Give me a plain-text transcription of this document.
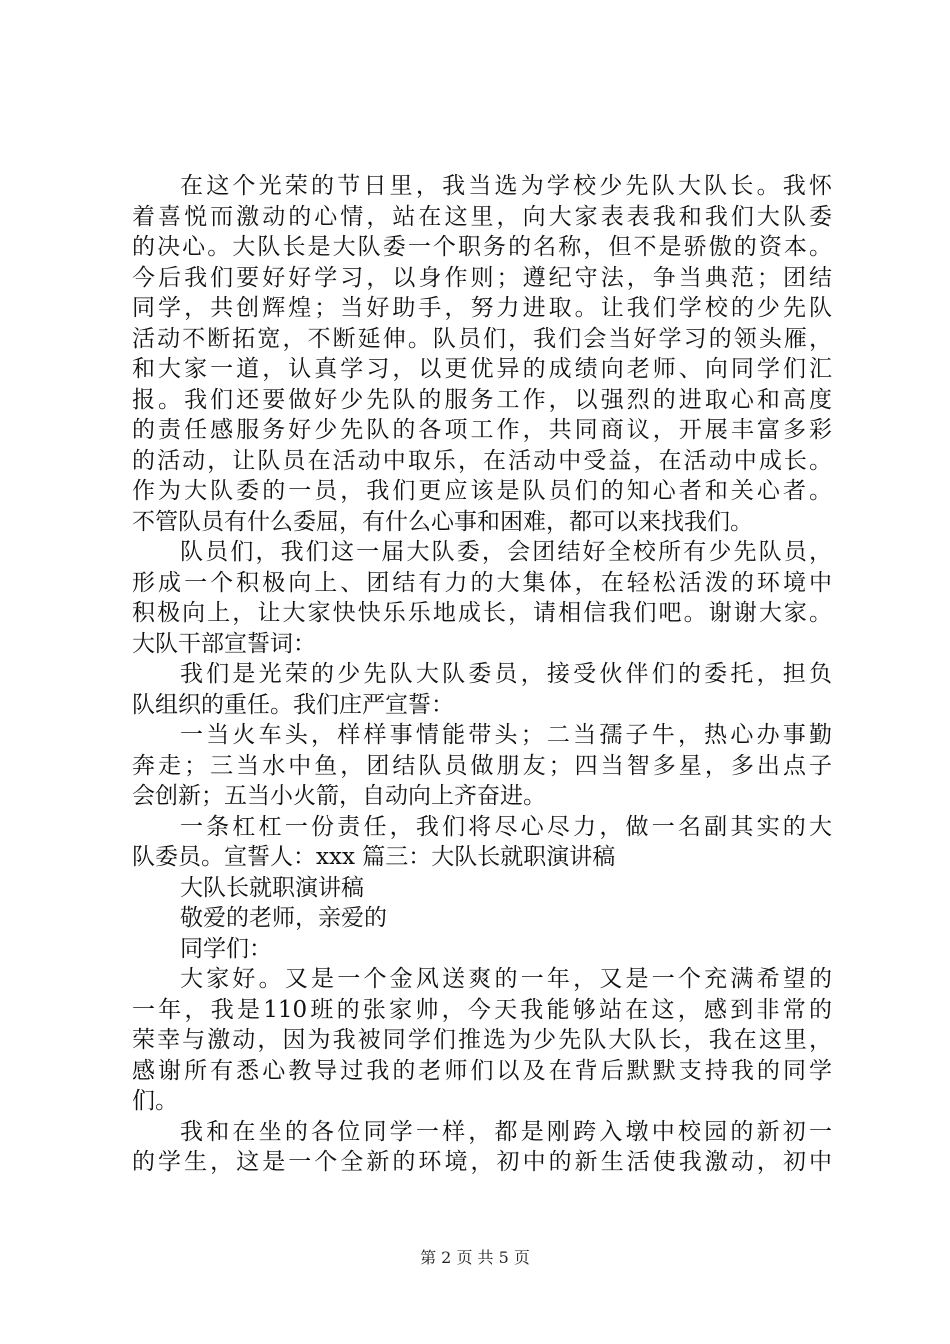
在这个光荣的节日里，我当选为学校少先队大队长。我怀
着喜悦而激动的心情，站在这里，向大家表表我和我们大队委
的决心。大队长是大队委一个职务的名称，但不是骄傲的资本。
今后我们要好好学习，以身作则；遵纪守法，争当典范；团结
同学，共创辉煌；当好助手，努力进取。让我们学校的少先队
活动不断拓宽，不断延伸。队员们，我们会当好学习的领头雁，
和大家一道，认真学习，以更优异的成绩向老师、向同学们汇
报。我们还要做好少先队的服务工作，以强烈的进取心和高度
的责任感服务好少先队的各项工作，共同商议，开展丰富多彩
的活动，让队员在活动中取乐，在活动中受益，在活动中成长。
作为大队委的一员，我们更应该是队员们的知心者和关心者。
不管队员有什么委屈，有什么心事和困难，都可以来找我们。
队员们，我们这一届大队委，会团结好全校所有少先队员，
形成一个积极向上、团结有力的大集体，在轻松活泼的环境中
积极向上，让大家快快乐乐地成长，请相信我们吧。谢谢大家。
大队干部宣誓词：
我们是光荣的少先队大队委员，接受伙伴们的委托，担负
队组织的重任。我们庄严宣誓：
一当火车头，样样事情能带头；二当孺子牛，热心办事勤
奔走；三当水中鱼，团结队员做朋友；四当智多星，多出点子
会创新；五当小火箭，自动向上齐奋进。
一条杠杠一份责任，我们将尽心尽力，做一名副其实的大
队委员。宣誓人：xxx 篇三：大队长就职演讲稿
大队长就职演讲稿
敬爱的老师，亲爱的
同学们：
大家好。又是一个金风送爽的一年，又是一个充满希望的
一年，我是110班的张家帅，今天我能够站在这，感到非常的
荣幸与激动，因为我被同学们推选为少先队大队长，我在这里，
感谢所有悉心教导过我的老师们以及在背后默默支持我的同学
们。
我和在坐的各位同学一样，都是刚跨入墩中校园的新初一
的学生，这是一个全新的环境，初中的新生活使我激动，初中
第 2 页 共 5 页
